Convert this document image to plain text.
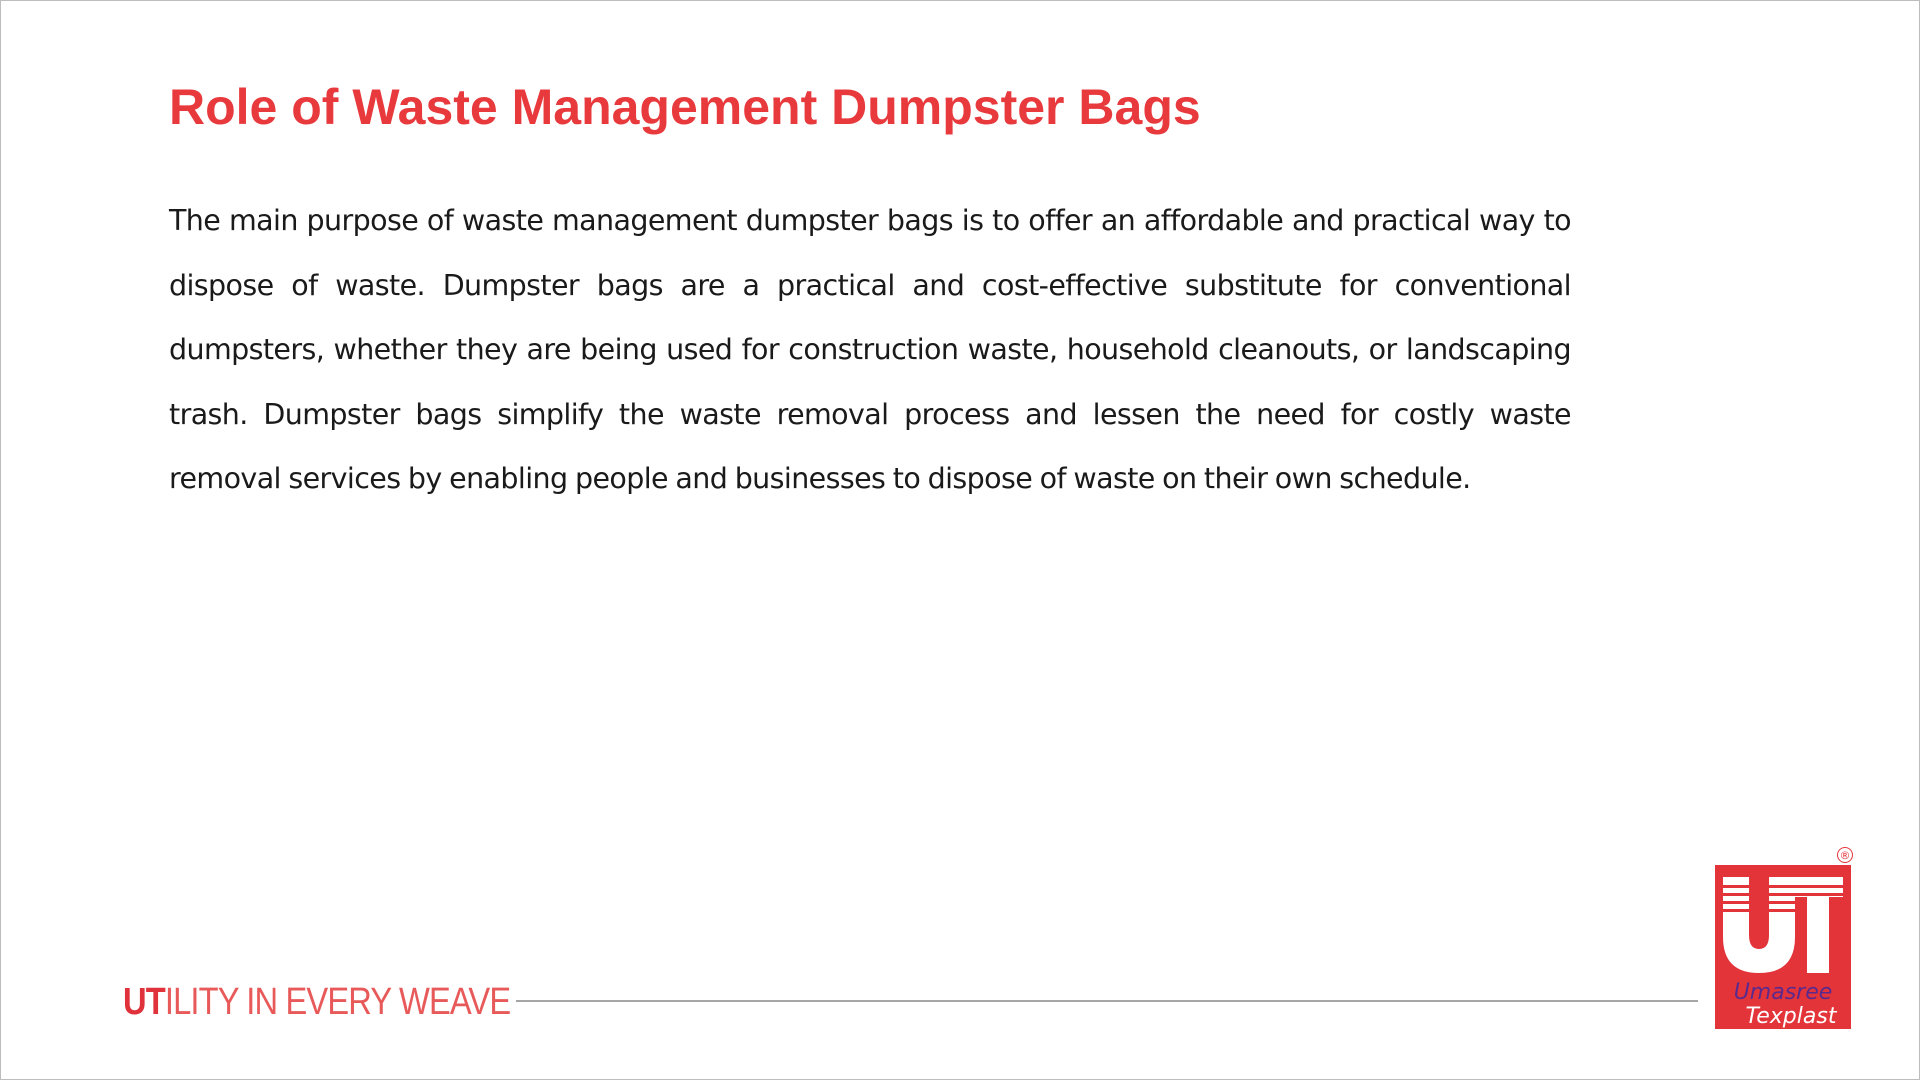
Role of Waste Management Dumpster Bags

The main purpose of waste management dumpster bags is to offer an affordable and practical way to dispose of waste. Dumpster bags are a practical and cost-effective substitute for conventional dumpsters, whether they are being used for construction waste, household cleanouts, or landscaping trash. Dumpster bags simplify the waste removal process and lessen the need for costly waste removal services by enabling people and businesses to dispose of waste on their own schedule.

UTILITY IN EVERY WEAVE
®
Umasree
Texplast
